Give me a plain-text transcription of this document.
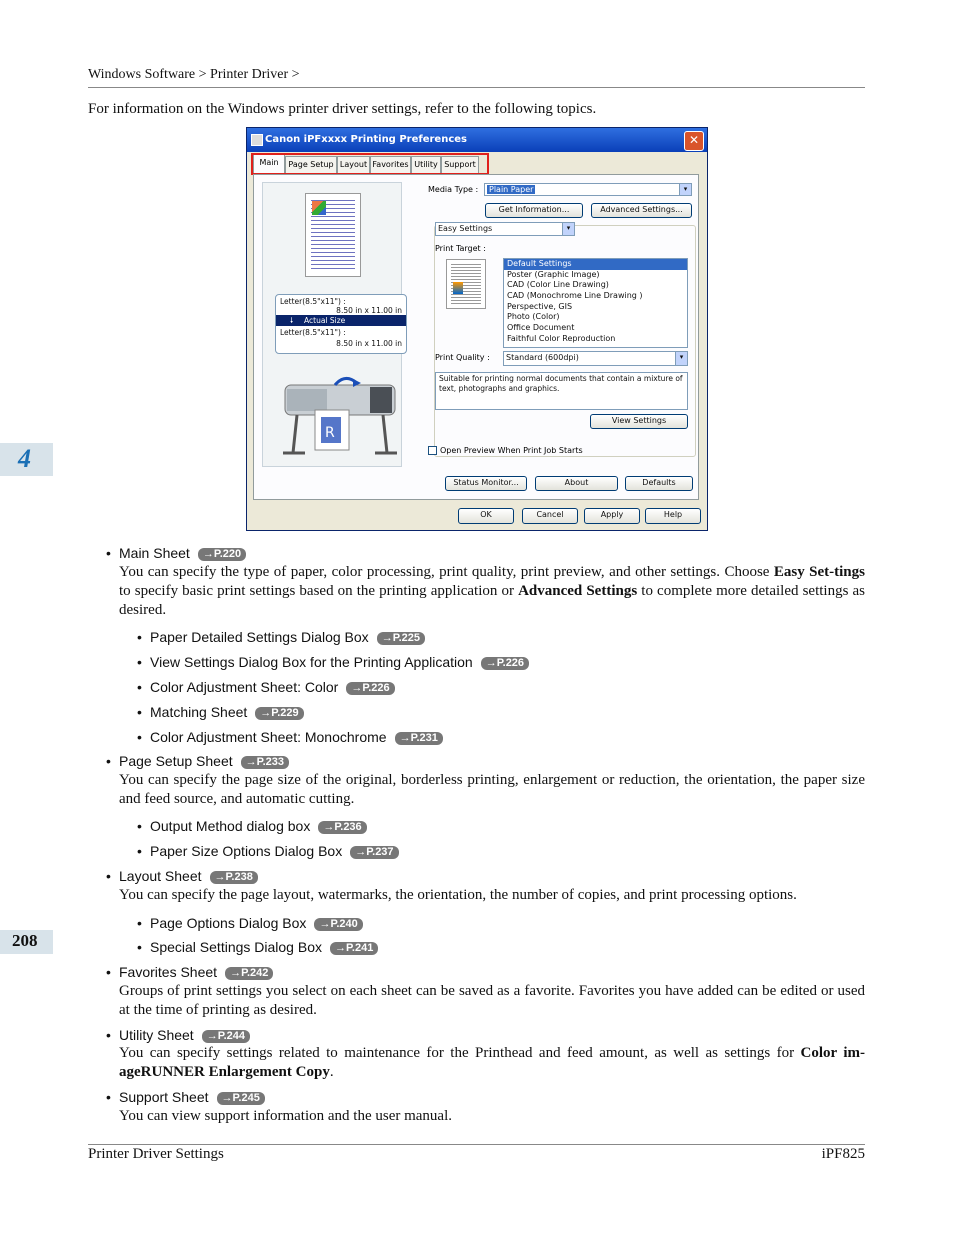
Windows Software > Printer Driver >
For information on the Windows printer driver settings, refer to the following topics.
4
208
Canon iPFxxxx Printing Preferences	✕
Main	Page Setup Layout Favorites Utility Support
Letter(8.5"x11") :
8.50 in x 11.00 in
🠗 Actual Size
Letter(8.5"x11") :
8.50 in x 11.00 in
R
Media Type :	Plain Paper	▾
Get Information...	Advanced Settings...
Easy Settings	▾
Print Target :
Default Settings
Poster (Graphic Image)
CAD (Color Line Drawing)
CAD (Monochrome Line Drawing )
Perspective, GIS
Photo (Color)
Office Document
Faithful Color Reproduction
Print Quality :	Standard (600dpi)	▾
Suitable for printing normal documents that contain a mixture of text, photographs and graphics.
View Settings
Open Preview When Print Job Starts
Status Monitor...	About	Defaults
OK	Cancel	Apply	Help
• Main Sheet →P.220
You can specify the type of paper, color processing, print quality, print preview, and other settings. Choose Easy Set-tings to specify basic print settings based on the printing application or Advanced Settings to complete more detailed settings as desired.
• Paper Detailed Settings Dialog Box →P.225
• View Settings Dialog Box for the Printing Application →P.226
• Color Adjustment Sheet: Color →P.226
• Matching Sheet →P.229
• Color Adjustment Sheet: Monochrome →P.231
• Page Setup Sheet →P.233
You can specify the page size of the original, borderless printing, enlargement or reduction, the orientation, the paper size and feed source, and automatic cutting.
• Output Method dialog box →P.236
• Paper Size Options Dialog Box →P.237
• Layout Sheet →P.238
You can specify the page layout, watermarks, the orientation, the number of copies, and print processing options.
• Page Options Dialog Box →P.240
• Special Settings Dialog Box →P.241
• Favorites Sheet →P.242
Groups of print settings you select on each sheet can be saved as a favorite. Favorites you have added can be edited or used at the time of printing as desired.
• Utility Sheet →P.244
You can specify settings related to maintenance for the Printhead and feed amount, as well as settings for Color im-ageRUNNER Enlargement Copy.
• Support Sheet →P.245
You can view support information and the user manual.
Printer Driver Settings	iPF825
